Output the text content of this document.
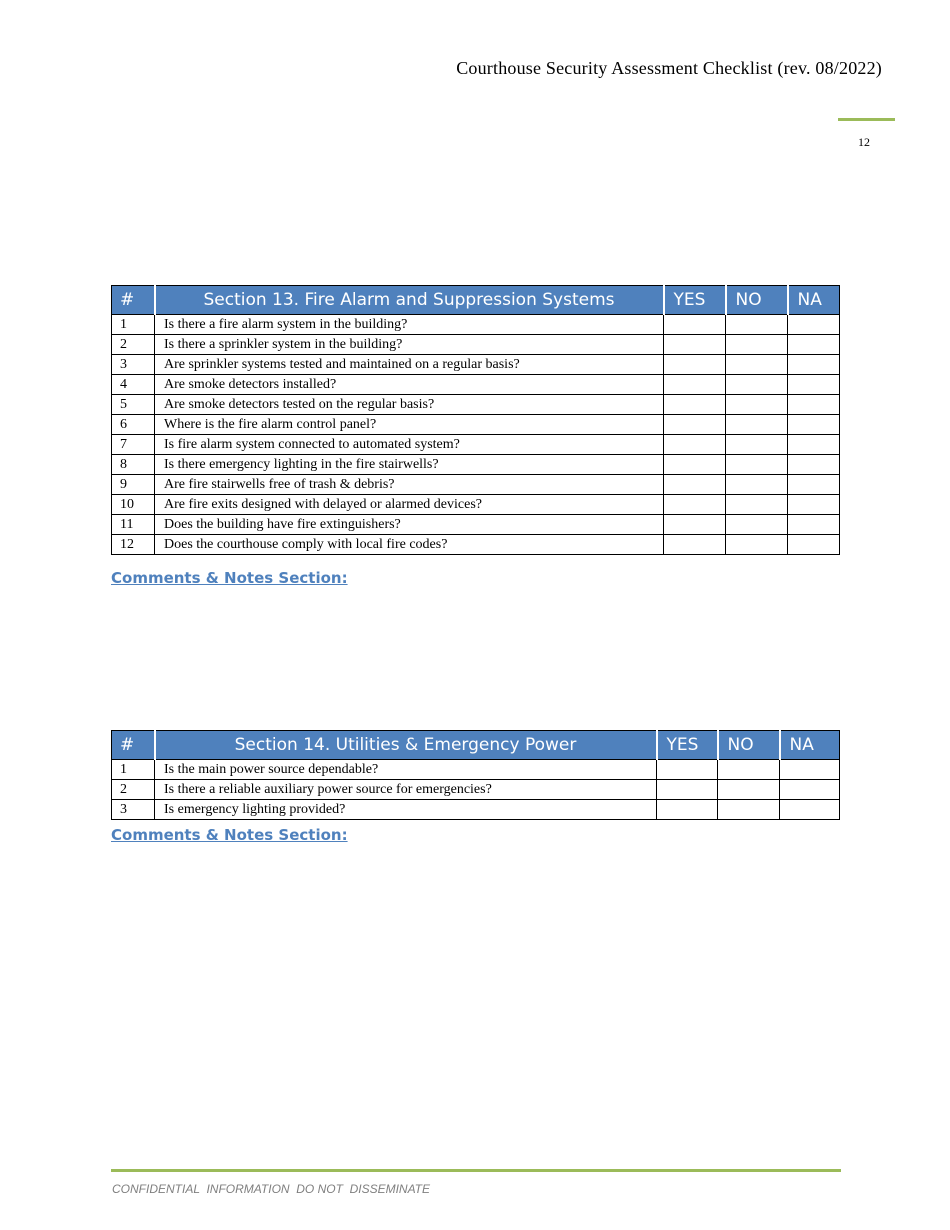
Courthouse Security Assessment Checklist (rev. 08/2022)
12
#	Section 13. Fire Alarm and Suppression Systems	YES	NO	NA
1	Is there a fire alarm system in the building?			
2	Is there a sprinkler system in the building?			
3	Are sprinkler systems tested and maintained on a regular basis?			
4	Are smoke detectors installed?			
5	Are smoke detectors tested on the regular basis?			
6	Where is the fire alarm control panel?			
7	Is fire alarm system connected to automated system?			
8	Is there emergency lighting in the fire stairwells?			
9	Are fire stairwells free of trash & debris?			
10	Are fire exits designed with delayed or alarmed devices?			
11	Does the building have fire extinguishers?			
12	Does the courthouse comply with local fire codes?			
Comments & Notes Section:
#	Section 14. Utilities & Emergency Power	YES	NO	NA
1	Is the main power source dependable?			
2	Is there a reliable auxiliary power source for emergencies?			
3	Is emergency lighting provided?			
Comments & Notes Section:
CONFIDENTIAL  INFORMATION  DO NOT  DISSEMINATE
